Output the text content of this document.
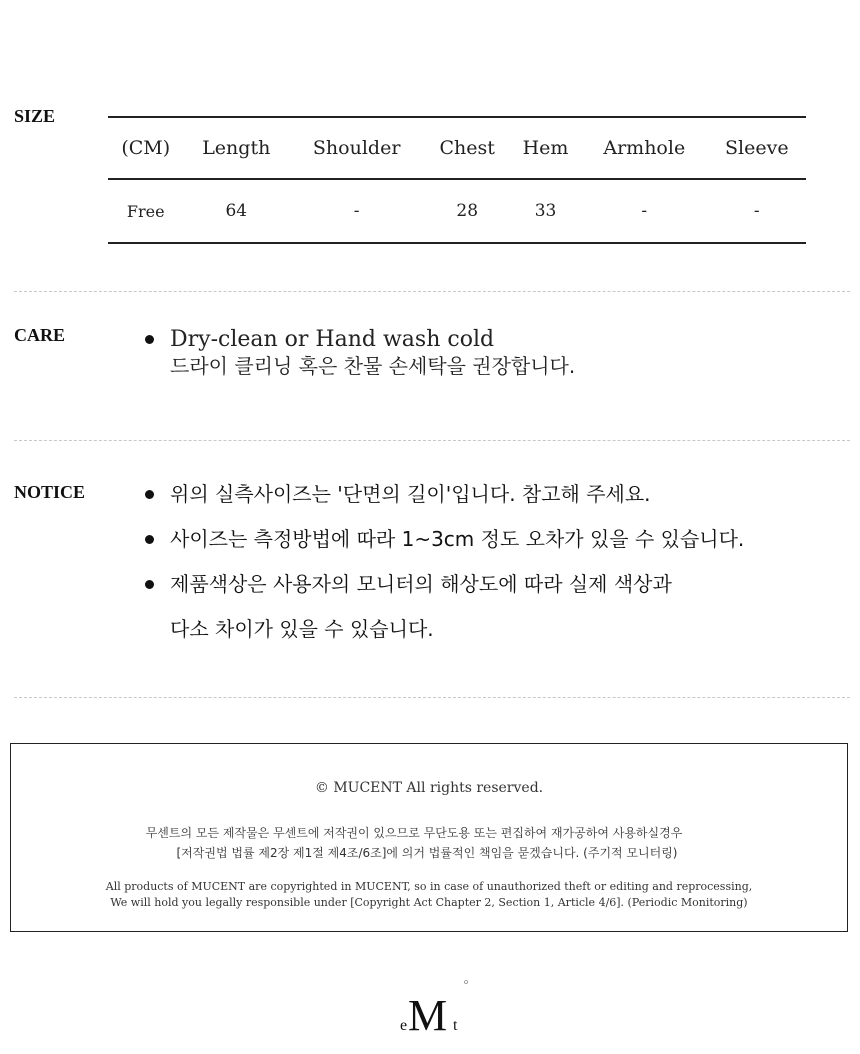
SIZE
(CM)	Length	Shoulder	Chest	Hem	Armhole	Sleeve
Free	64	-	28	33	-	-
CARE	Dry-clean or Hand wash cold
드라이 클리닝 혹은 찬물 손세탁을 권장합니다.
NOTICE	위의 실측사이즈는 '단면의 길이'입니다. 참고해 주세요.
사이즈는 측정방법에 따라 1~3cm 정도 오차가 있을 수 있습니다.
제품색상은 사용자의 모니터의 해상도에 따라 실제 색상과
다소 차이가 있을 수 있습니다.
© MUCENT All rights reserved.
무센트의 모든 제작물은 무센트에 저작권이 있으므로 무단도용 또는 편집하여 재가공하여 사용하실경우
[저작권법 법률 제2장 제1절 제4조/6조]에 의거 법률적인 책임을 묻겠습니다. (주기적 모니터링)
All products of MUCENT are copyrighted in MUCENT, so in case of unauthorized theft or editing and reprocessing,
We will hold you legally responsible under [Copyright Act Chapter 2, Section 1, Article 4/6]. (Periodic Monitoring)
e M t
